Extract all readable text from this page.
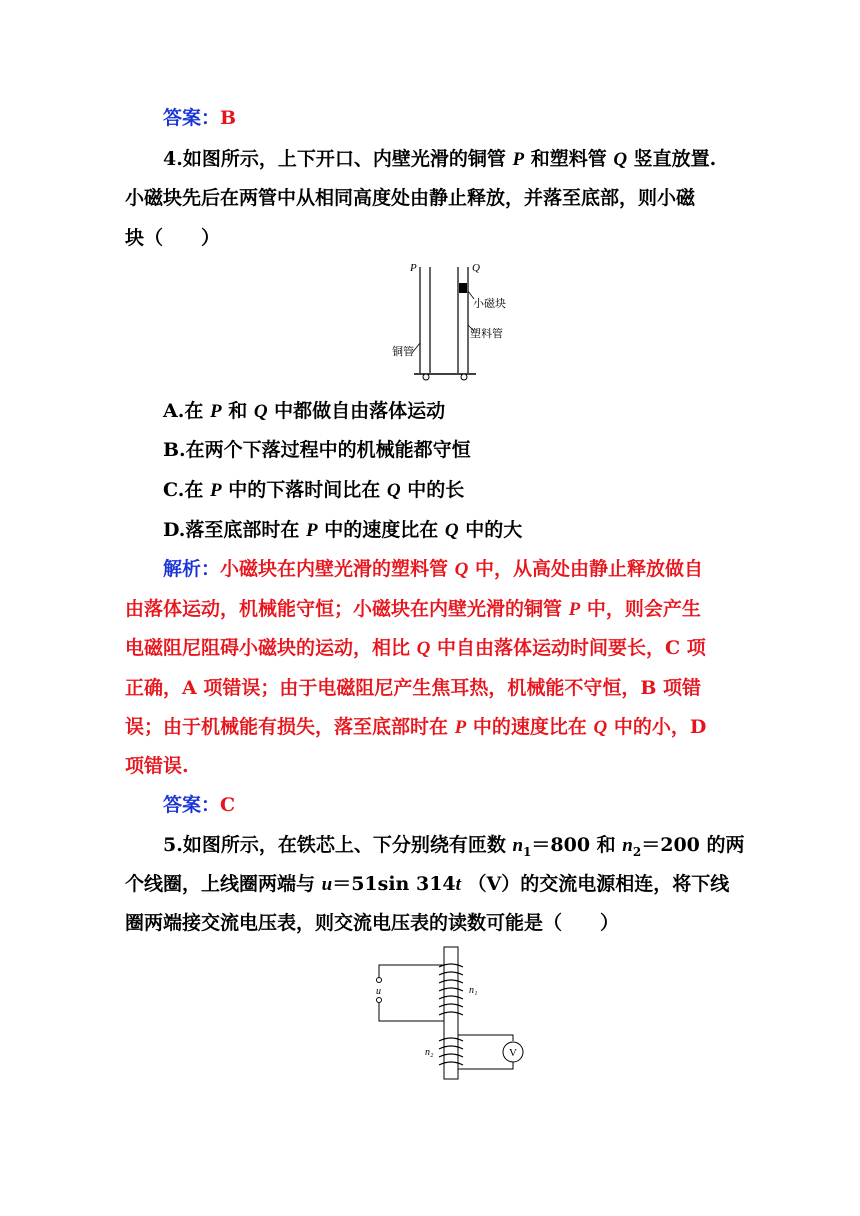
答案：B
4.如图所示，上下开口、内壁光滑的铜管 P 和塑料管 Q 竖直放置.
小磁块先后在两管中从相同高度处由静止释放，并落至底部，则小磁
块（　　）
P	Q
小磁块
塑料管
铜管
A.在 P 和 Q 中都做自由落体运动
B.在两个下落过程中的机械能都守恒
C.在 P 中的下落时间比在 Q 中的长
D.落至底部时在 P 中的速度比在 Q 中的大
解析：小磁块在内壁光滑的塑料管 Q 中，从高处由静止释放做自
由落体运动，机械能守恒；小磁块在内壁光滑的铜管 P 中，则会产生
电磁阻尼阻碍小磁块的运动，相比 Q 中自由落体运动时间要长，C 项
正确，A 项错误；由于电磁阻尼产生焦耳热，机械能不守恒，B 项错
误；由于机械能有损失，落至底部时在 P 中的速度比在 Q 中的小，D
项错误.
答案：C
5.如图所示，在铁芯上、下分别绕有匝数 $n_1=800$ 和 $n_2=200$ 的两
个线圈，上线圈两端与 u＝51sin 314t （V）的交流电源相连，将下线
圈两端接交流电压表，则交流电压表的读数可能是（　　）
u	n₁
n₂	V
